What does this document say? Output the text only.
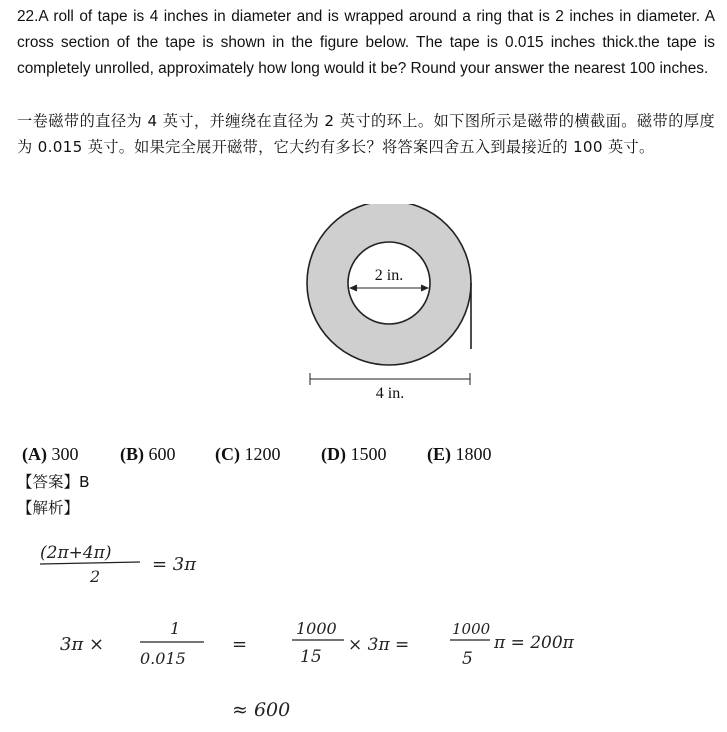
22.A roll of tape is 4 inches in diameter and is wrapped around a ring that is 2 inches in diameter. A cross section of the tape is shown in the figure below. The tape is 0.015 inches thick.the tape is completely unrolled, approximately how long would it be? Round your answer the nearest 100 inches.

一卷磁带的直径为 4 英寸，并缠绕在直径为 2 英寸的环上。如下图所示是磁带的横截面。磁带的厚度为 0.015 英寸。如果完全展开磁带，它大约有多长？将答案四舍五入到最接近的 100 英寸。

2 in.
4 in.
(A) 300 (B) 600 (C) 1200 (D) 1500 (E) 1800
【答案】B
【解析】
(2π+4π)
2
= 3π
3π ×
1
0.015
=
1000
15
× 3π =
1000
5
π = 200π
≈ 600
